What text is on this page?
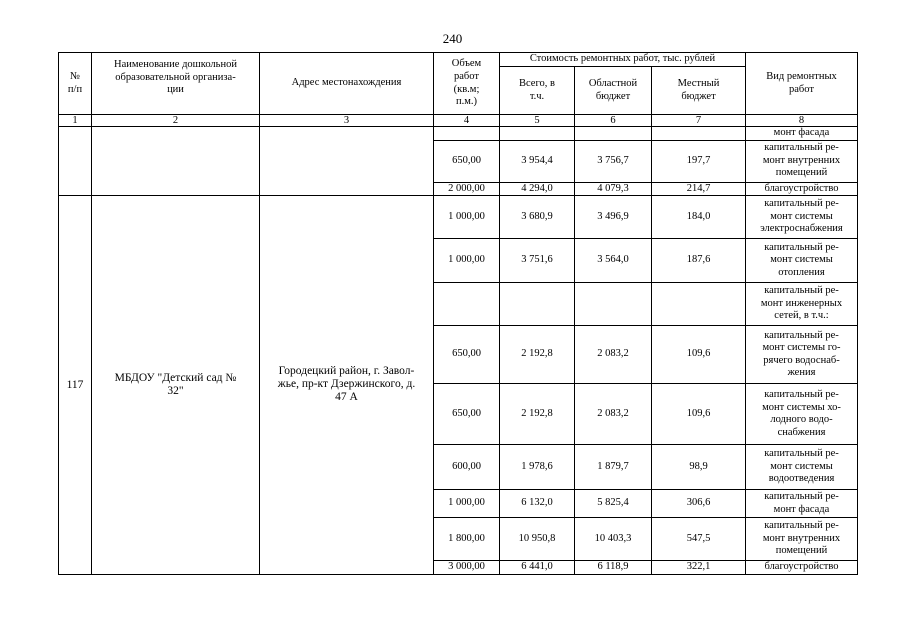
240
№
п/п	Наименование дошкольной
образовательной организа-
ции	Адрес местонахождения	Объем
работ
(кв.м;
п.м.)	Стоимость ремонтных работ, тыс. рублей			Вид ремонтных
работ
				Всего, в
т.ч.	Областной
бюджет	Местный
бюджет	
1	2	3	4	5	6	7	8
							монт фасада
			650,00	3 954,4	3 756,7	197,7	капитальный ре-
монт внутренних
помещений
			2 000,00	4 294,0	4 079,3	214,7	благоустройство
117	МБДОУ "Детский сад №
32"	Городецкий район, г. Завол-
жье, пр-кт Дзержинского, д.
47 А	1 000,00	3 680,9	3 496,9	184,0	капитальный ре-
монт системы
электроснабжения
			1 000,00	3 751,6	3 564,0	187,6	капитальный ре-
монт системы
отопления
							капитальный ре-
монт инженерных
сетей, в т.ч.:
			650,00	2 192,8	2 083,2	109,6	капитальный ре-
монт системы го-
рячего водоснаб-
жения
			650,00	2 192,8	2 083,2	109,6	капитальный ре-
монт системы хо-
лодного водо-
снабжения
			600,00	1 978,6	1 879,7	98,9	капитальный ре-
монт системы
водоотведения
			1 000,00	6 132,0	5 825,4	306,6	капитальный ре-
монт фасада
			1 800,00	10 950,8	10 403,3	547,5	капитальный ре-
монт внутренних
помещений
			3 000,00	6 441,0	6 118,9	322,1	благоустройство
